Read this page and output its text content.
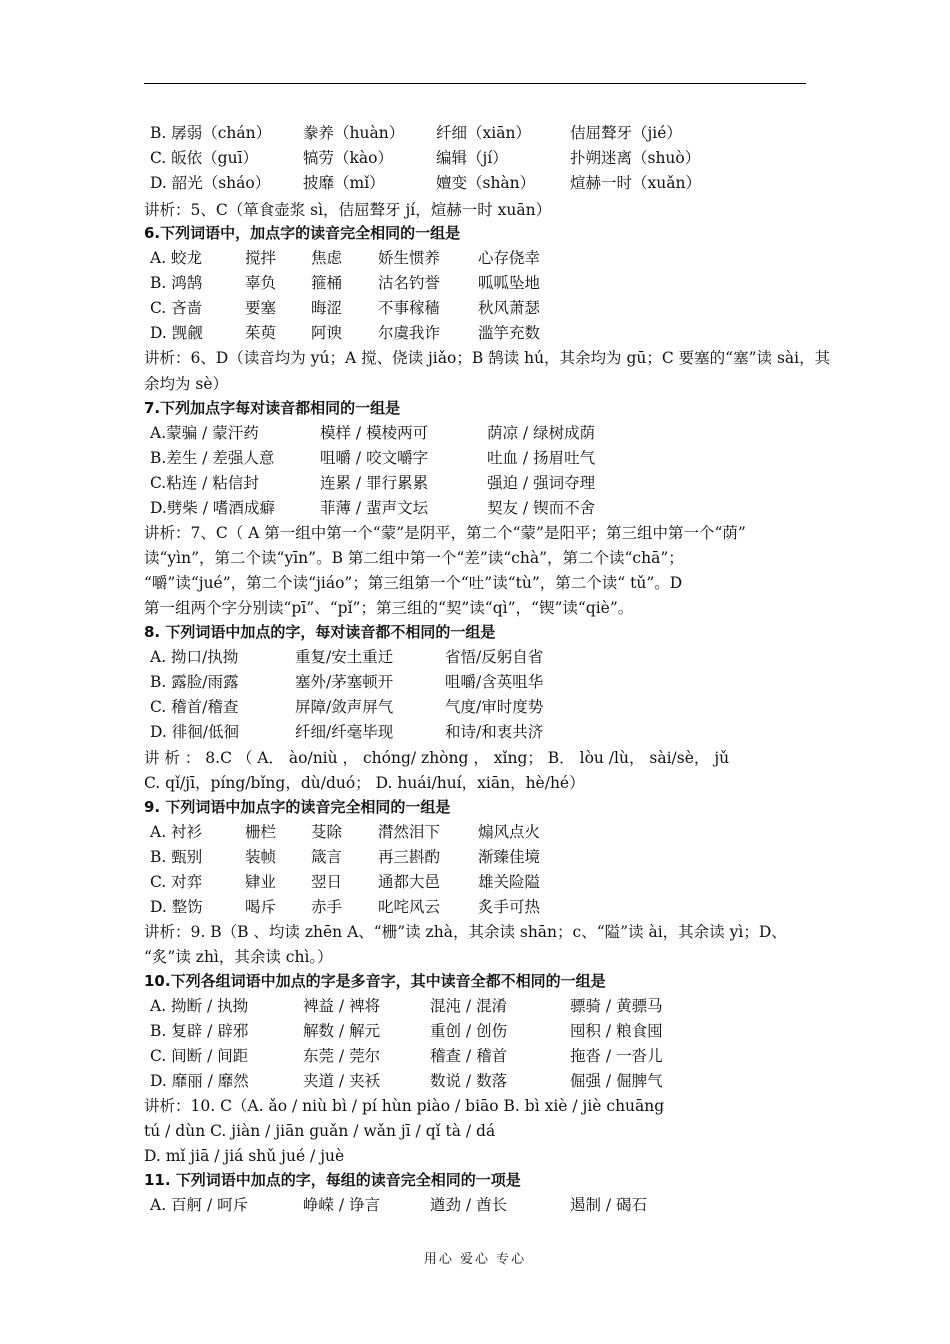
B. 孱弱（chán） 豢养（huàn） 纤细（xiān）	佶屈聱牙（jié）
C. 皈依（guī）	犒劳（kào）	编辑（jí）	扑朔迷离（shuò）
D. 韶光（sháo） 披靡（mǐ）	嬗变（shàn） 煊赫一时（xuǎn）
讲析：5、C（箪食壶浆 sì，佶屈聱牙 jí，煊赫一时 xuān）
6.下列词语中，加点字的读音完全相同的一组是
A. 蛟龙	搅拌 焦虑 娇生惯养 心存侥幸
B. 鸿鹄	辜负 箍桶 沽名钓誉 呱呱坠地
C. 吝啬	要塞 晦涩 不事稼穑 秋风萧瑟
D. 觊觎	茱萸 阿谀 尔虞我诈 滥竽充数
讲析：6、D（读音均为 yú；A 搅、侥读 jiǎo；B 鹄读 hú，其余均为 gū；C 要塞的“塞”读 sài，其
余均为 sè）
7.下列加点字每对读音都相同的一组是
A.蒙骗 / 蒙汗药	模样 / 模棱两可	荫凉 / 绿树成荫
B.差生 / 差强人意	咀嚼 / 咬文嚼字	吐血 / 扬眉吐气
C.粘连 / 粘信封	连累 / 罪行累累	强迫 / 强词夺理
D.劈柴 / 嗜酒成癖	菲薄 / 蜚声文坛	契友 / 锲而不舍
讲析：7、C（ A 第一组中第一个“蒙”是阴平，第二个“蒙”是阳平；第三组中第一个“荫”
读“yìn”，第二个读“yīn”。B 第二组中第一个“差”读“chà”，第二个读“chā”；
“嚼”读“jué”，第二个读“jiáo”；第三组第一个“吐”读“tù”，第二个读“ tǔ”。D
第一组两个字分别读“pī”、“pǐ”；第三组的“契”读“qì”，“锲”读“qiè”。
8. 下列词语中加点的字，每对读音都不相同的一组是
A. 拗口/执拗	重复/安土重迁	省悟/反躬自省
B. 露脸/雨露	塞外/茅塞顿开	咀嚼/含英咀华
C. 稽首/稽查	屏障/敛声屏气	气度/审时度势
D. 徘徊/低徊	纤细/纤毫毕现	和诗/和衷共济
讲 析 ： 8.C （ A． ào/niù ， chóng/ zhòng ， xǐng； B． lòu /lù， sài/sè， jǔ
C. qǐ/jī，píng/bǐng，dù/duó； D. huái/huí，xiān，hè/hé）
9. 下列词语中加点字的读音完全相同的一组是
A. 衬衫	栅栏 芟除 潸然泪下 煽风点火
B. 甄别	装帧 箴言 再三斟酌 渐臻佳境
C. 对弈	肄业 翌日 通都大邑 雄关险隘
D. 整饬	喝斥 赤手 叱咤风云 炙手可热
讲析：9. B（B 、均读 zhēn A、“栅”读 zhà，其余读 shān；c、“隘”读 ài，其余读 yì；D、
“炙”读 zhì，其余读 chì。）
10.下列各组词语中加点的字是多音字，其中读音全都不相同的一组是
A. 拗断 / 执拗	裨益 / 裨将	混沌 / 混淆	骠骑 / 黄骠马
B. 复辟 / 辟邪	解数 / 解元	重创 / 创伤	囤积 / 粮食囤
C. 间断 / 间距	东莞 / 莞尔	稽查 / 稽首	拖沓 / 一沓儿
D. 靡丽 / 靡然	夹道 / 夹袄	数说 / 数落	倔强 / 倔脾气
讲析：10. C（A. ǎo / niù bì / pí hùn piào / biāo B. bì xiè / jiè chuāng
tú / dùn C. jiàn / jiān guǎn / wǎn jī / qǐ tà / dá
D. mǐ jiā / jiá shǔ jué / juè
11. 下列词语中加点的字，每组的读音完全相同的一项是
A. 百舸 / 呵斥	峥嵘 / 诤言	遒劲 / 酋长	遏制 / 碣石
用心 爱心 专心
